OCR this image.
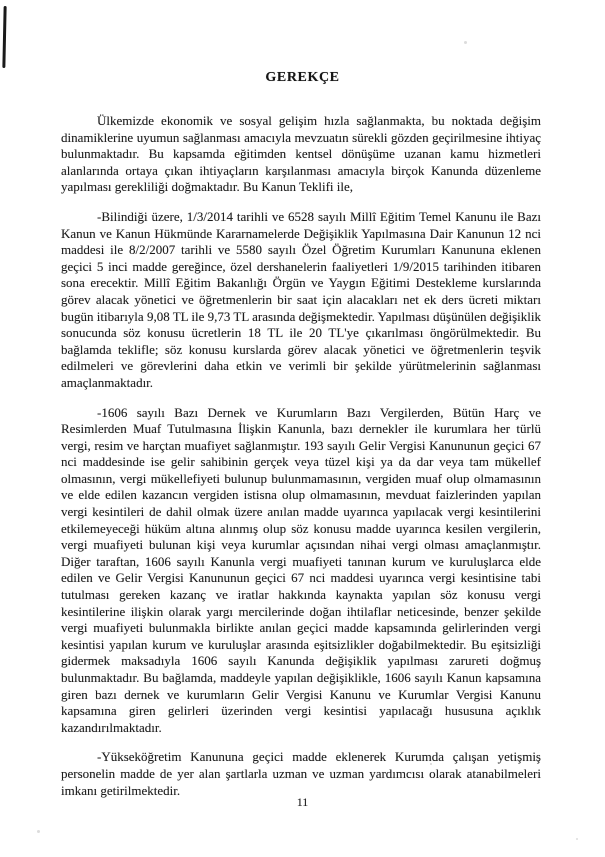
GEREKÇE

Ülkemizde ekonomik ve sosyal gelişim hızla sağlanmakta, bu noktada değişim dinamiklerine uyumun sağlanması amacıyla mevzuatın sürekli gözden geçirilmesine ihtiyaç bulunmaktadır. Bu kapsamda eğitimden kentsel dönüşüme uzanan kamu hizmetleri alanlarında ortaya çıkan ihtiyaçların karşılanması amacıyla birçok Kanunda düzenleme yapılması gerekliliği doğmaktadır. Bu Kanun Teklifi ile,

-Bilindiği üzere, 1/3/2014 tarihli ve 6528 sayılı Millî Eğitim Temel Kanunu ile Bazı Kanun ve Kanun Hükmünde Kararnamelerde Değişiklik Yapılmasına Dair Kanunun 12 nci maddesi ile 8/2/2007 tarihli ve 5580 sayılı Özel Öğretim Kurumları Kanununa eklenen geçici 5 inci madde gereğince, özel dershanelerin faaliyetleri 1/9/2015 tarihinden itibaren sona erecektir. Millî Eğitim Bakanlığı Örgün ve Yaygın Eğitimi Destekleme kurslarında görev alacak yönetici ve öğretmenlerin bir saat için alacakları net ek ders ücreti miktarı bugün itibarıyla 9,08 TL ile 9,73 TL arasında değişmektedir. Yapılması düşünülen değişiklik sonucunda söz konusu ücretlerin 18 TL ile 20 TL'ye çıkarılması öngörülmektedir. Bu bağlamda teklifle; söz konusu kurslarda görev alacak yönetici ve öğretmenlerin teşvik edilmeleri ve görevlerini daha etkin ve verimli bir şekilde yürütmelerinin sağlanması amaçlanmaktadır.

-1606 sayılı Bazı Dernek ve Kurumların Bazı Vergilerden, Bütün Harç ve Resimlerden Muaf Tutulmasına İlişkin Kanunla, bazı dernekler ile kurumlara her türlü vergi, resim ve harçtan muafiyet sağlanmıştır. 193 sayılı Gelir Vergisi Kanununun geçici 67 nci maddesinde ise gelir sahibinin gerçek veya tüzel kişi ya da dar veya tam mükellef olmasının, vergi mükellefiyeti bulunup bulunmamasının, vergiden muaf olup olmamasının ve elde edilen kazancın vergiden istisna olup olmamasının, mevduat faizlerinden yapılan vergi kesintileri de dahil olmak üzere anılan madde uyarınca yapılacak vergi kesintilerini etkilemeyeceği hüküm altına alınmış olup söz konusu madde uyarınca kesilen vergilerin, vergi muafiyeti bulunan kişi veya kurumlar açısından nihai vergi olması amaçlanmıştır. Diğer taraftan, 1606 sayılı Kanunla vergi muafiyeti tanınan kurum ve kuruluşlarca elde edilen ve Gelir Vergisi Kanununun geçici 67 nci maddesi uyarınca vergi kesintisine tabi tutulması gereken kazanç ve iratlar hakkında kaynakta yapılan söz konusu vergi kesintilerine ilişkin olarak yargı mercilerinde doğan ihtilaflar neticesinde, benzer şekilde vergi muafiyeti bulunmakla birlikte anılan geçici madde kapsamında gelirlerinden vergi kesintisi yapılan kurum ve kuruluşlar arasında eşitsizlikler doğabilmektedir. Bu eşitsizliği gidermek maksadıyla 1606 sayılı Kanunda değişiklik yapılması zarureti doğmuş bulunmaktadır. Bu bağlamda, maddeyle yapılan değişiklikle, 1606 sayılı Kanun kapsamına giren bazı dernek ve kurumların Gelir Vergisi Kanunu ve Kurumlar Vergisi Kanunu kapsamına giren gelirleri üzerinden vergi kesintisi yapılacağı hususuna açıklık kazandırılmaktadır.

-Yükseköğretim Kanununa geçici madde eklenerek Kurumda çalışan yetişmiş personelin madde de yer alan şartlarla uzman ve uzman yardımcısı olarak atanabilmeleri imkanı getirilmektedir.

11
